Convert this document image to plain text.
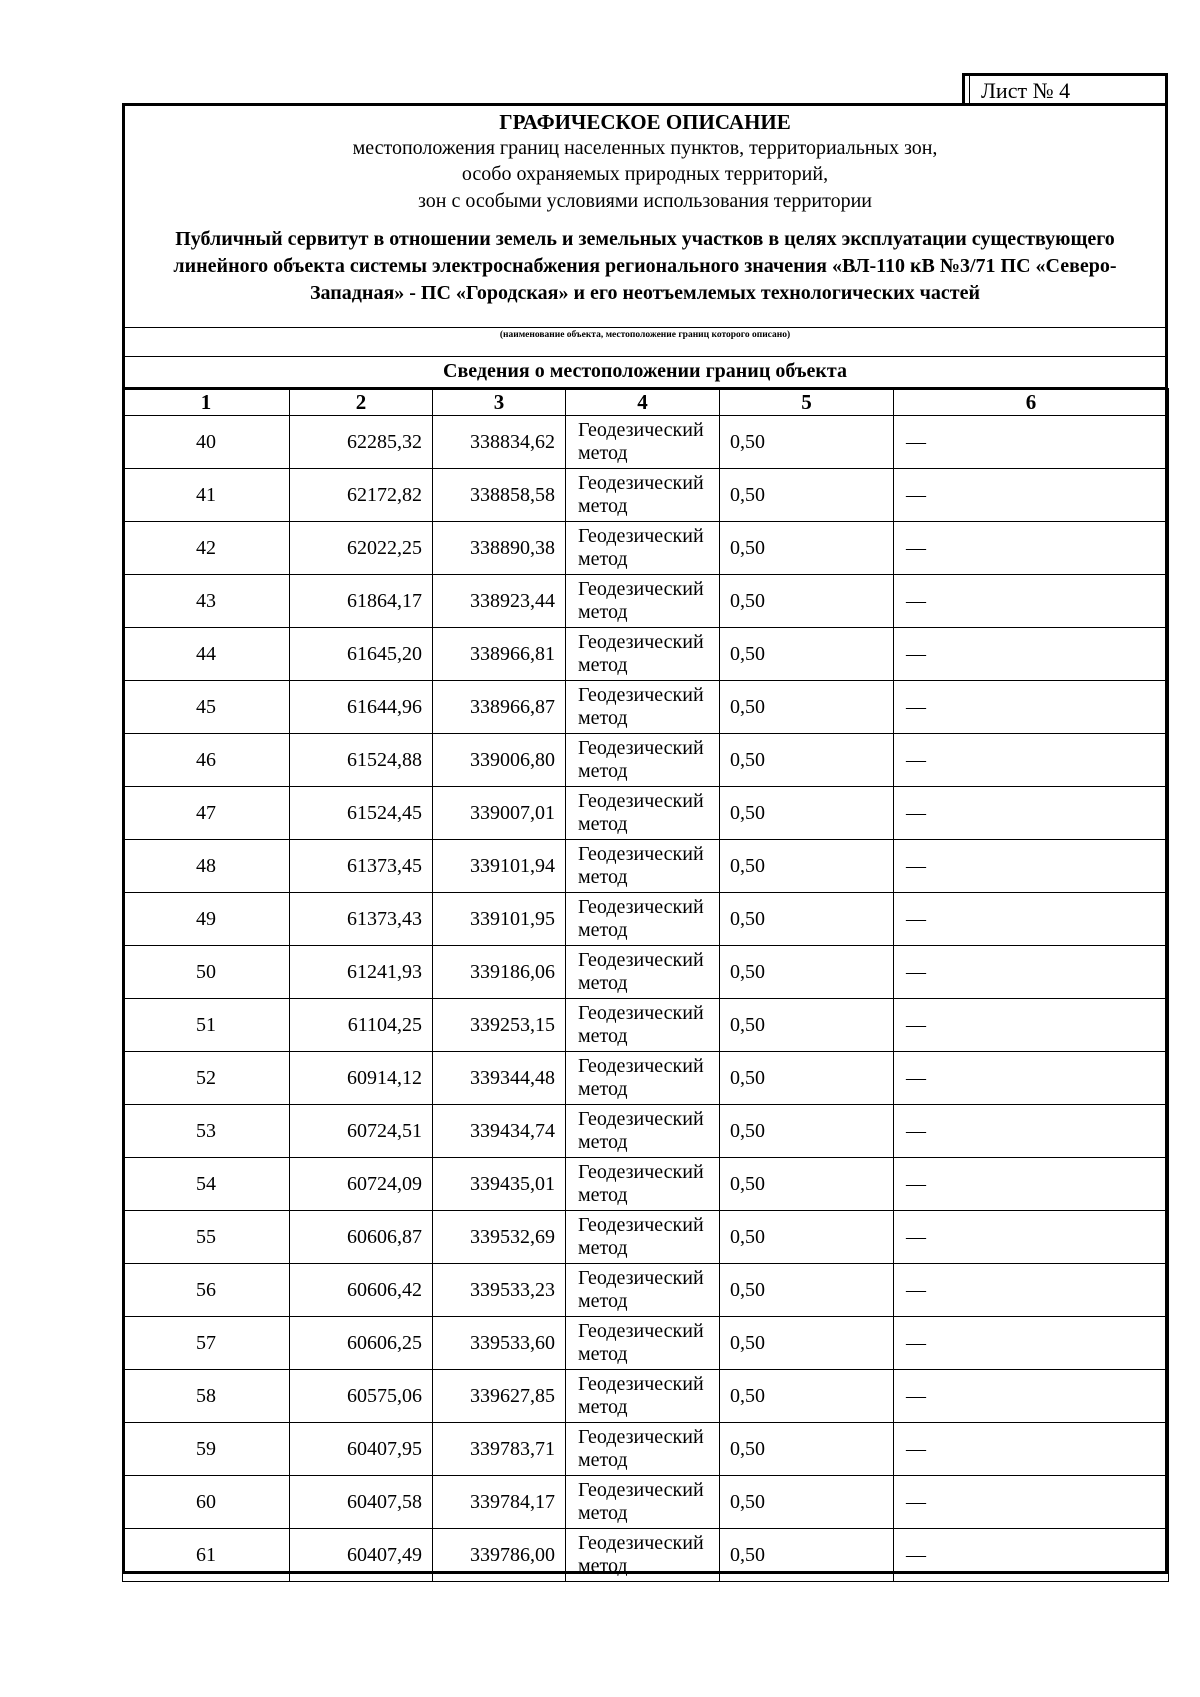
Лист № 4
ГРАФИЧЕСКОЕ ОПИСАНИЕ
местоположения границ населенных пунктов, территориальных зон,
особо охраняемых природных территорий,
зон с особыми условиями использования территории
Публичный сервитут в отношении земель и земельных участков в целях эксплуатации существующего линейного объекта системы электроснабжения регионального значения «ВЛ-110 кВ №3/71 ПС «Северо-Западная» - ПС «Городская» и его неотъемлемых технологических частей
(наименование объекта, местоположение границ которого описано)
Сведения о местоположении границ объекта
1	2	3	4	5	6
40	62285,32	338834,62	Геодезический метод	0,50	—
41	62172,82	338858,58	Геодезический метод	0,50	—
42	62022,25	338890,38	Геодезический метод	0,50	—
43	61864,17	338923,44	Геодезический метод	0,50	—
44	61645,20	338966,81	Геодезический метод	0,50	—
45	61644,96	338966,87	Геодезический метод	0,50	—
46	61524,88	339006,80	Геодезический метод	0,50	—
47	61524,45	339007,01	Геодезический метод	0,50	—
48	61373,45	339101,94	Геодезический метод	0,50	—
49	61373,43	339101,95	Геодезический метод	0,50	—
50	61241,93	339186,06	Геодезический метод	0,50	—
51	61104,25	339253,15	Геодезический метод	0,50	—
52	60914,12	339344,48	Геодезический метод	0,50	—
53	60724,51	339434,74	Геодезический метод	0,50	—
54	60724,09	339435,01	Геодезический метод	0,50	—
55	60606,87	339532,69	Геодезический метод	0,50	—
56	60606,42	339533,23	Геодезический метод	0,50	—
57	60606,25	339533,60	Геодезический метод	0,50	—
58	60575,06	339627,85	Геодезический метод	0,50	—
59	60407,95	339783,71	Геодезический метод	0,50	—
60	60407,58	339784,17	Геодезический метод	0,50	—
61	60407,49	339786,00	Геодезический метод	0,50	—
